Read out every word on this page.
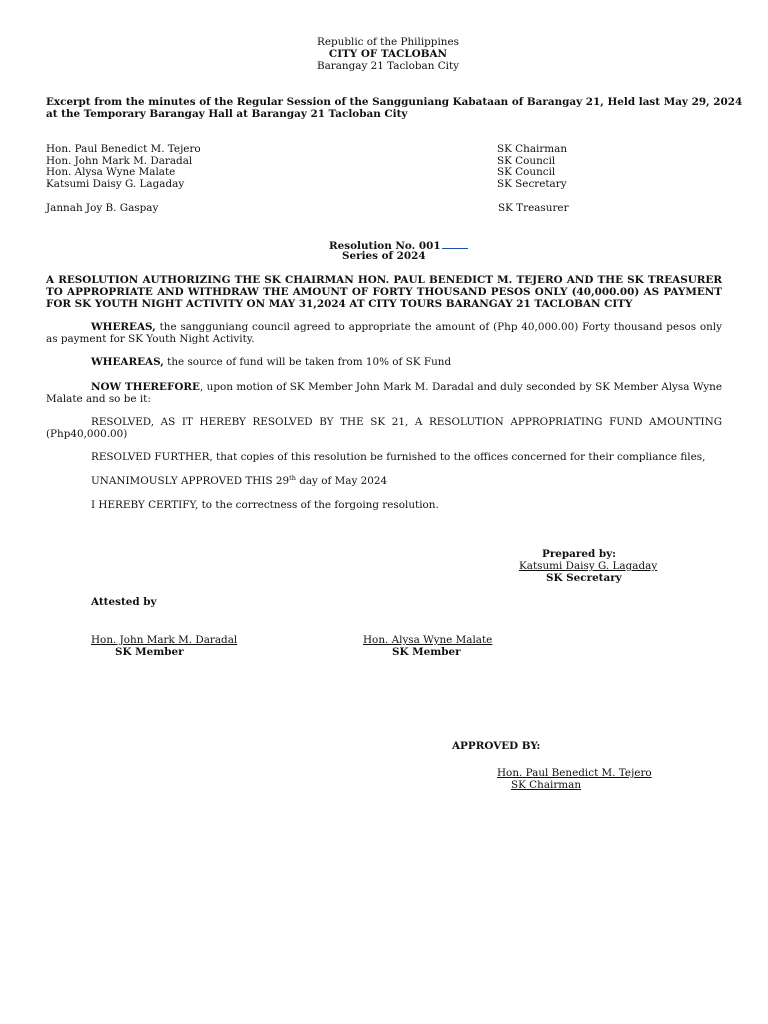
Republic of the Philippines
CITY OF TACLOBAN
Barangay 21 Tacloban City
Excerpt from the minutes of the Regular Session of the Sangguniang Kabataan of Barangay 21, Held last May 29, 2024
at the Temporary Barangay Hall at Barangay 21 Tacloban City
Hon. Paul Benedict M. Tejero	SK Chairman
Hon. John Mark M. Daradal	SK Council
Hon. Alysa Wyne Malate	SK Council
Katsumi Daisy G. Lagaday	SK Secretary
Jannah Joy B. Gaspay	SK Treasurer
Resolution No. 001
Series of 2024
A RESOLUTION AUTHORIZING THE SK CHAIRMAN HON. PAUL BENEDICT M. TEJERO AND THE SK TREASURER TO APPROPRIATE AND WITHDRAW THE AMOUNT OF FORTY THOUSAND PESOS ONLY (40,000.00) AS PAYMENT FOR SK YOUTH NIGHT ACTIVITY ON MAY 31,2024 AT CITY TOURS BARANGAY 21 TACLOBAN CITY
WHEREAS, the sangguniang council agreed to appropriate the amount of (Php 40,000.00) Forty thousand pesos only as payment for SK Youth Night Activity.
WHEAREAS, the source of fund will be taken from 10% of SK Fund
NOW THEREFORE, upon motion of SK Member John Mark M. Daradal and duly seconded by SK Member Alysa Wyne Malate and so be it:
RESOLVED, AS IT HEREBY RESOLVED BY THE SK 21, A RESOLUTION APPROPRIATING FUND AMOUNTING (Php40,000.00)
RESOLVED FURTHER, that copies of this resolution be furnished to the offices concerned for their compliance files,
UNANIMOUSLY APPROVED THIS 29th day of May 2024
I HEREBY CERTIFY, to the correctness of the forgoing resolution.
Prepared by:
Katsumi Daisy G. Lagaday
SK Secretary
Attested by
Hon. John Mark M. Daradal
SK Member
Hon. Alysa Wyne Malate
SK Member
APPROVED BY:
Hon. Paul Benedict M. Tejero
SK Chairman
